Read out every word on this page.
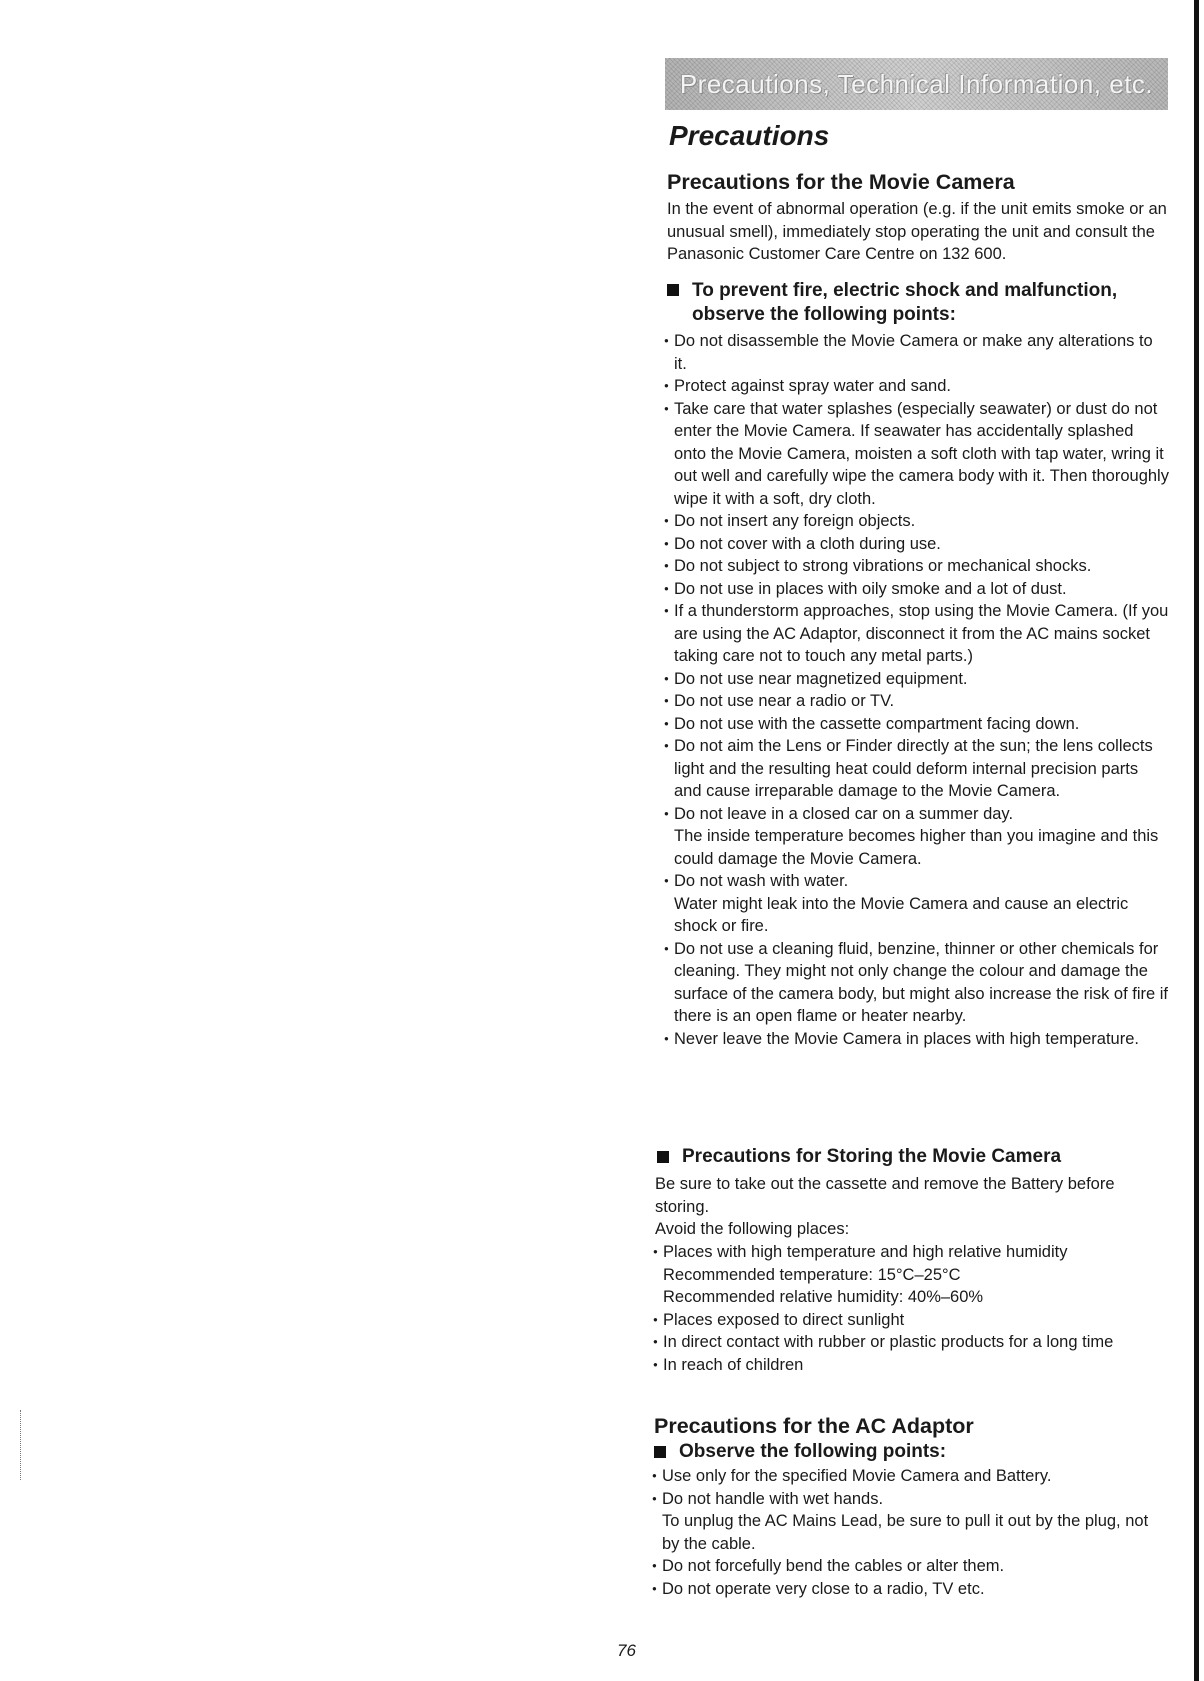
Precautions, Technical Information, etc.
Precautions
Precautions for the Movie Camera

In the event of abnormal operation (e.g. if the unit emits smoke or an unusual smell), immediately stop operating the unit and consult the Panasonic Customer Care Centre on 132 600.

To prevent fire, electric shock and malfunction, observe the following points:
● Do not disassemble the Movie Camera or make any alterations to it.
● Protect against spray water and sand.
● Take care that water splashes (especially seawater) or dust do not enter the Movie Camera. If seawater has accidentally splashed onto the Movie Camera, moisten a soft cloth with tap water, wring it out well and carefully wipe the camera body with it. Then thoroughly wipe it with a soft, dry cloth.
● Do not insert any foreign objects.
● Do not cover with a cloth during use.
● Do not subject to strong vibrations or mechanical shocks.
● Do not use in places with oily smoke and a lot of dust.
● If a thunderstorm approaches, stop using the Movie Camera. (If you are using the AC Adaptor, disconnect it from the AC mains socket taking care not to touch any metal parts.)
● Do not use near magnetized equipment.
● Do not use near a radio or TV.
● Do not use with the cassette compartment facing down.
● Do not aim the Lens or Finder directly at the sun; the lens collects light and the resulting heat could deform internal precision parts and cause irreparable damage to the Movie Camera.
● Do not leave in a closed car on a summer day.
The inside temperature becomes higher than you imagine and this could damage the Movie Camera.
● Do not wash with water.
Water might leak into the Movie Camera and cause an electric shock or fire.
● Do not use a cleaning fluid, benzine, thinner or other chemicals for cleaning. They might not only change the colour and damage the surface of the camera body, but might also increase the risk of fire if there is an open flame or heater nearby.
● Never leave the Movie Camera in places with high temperature.
Precautions for Storing the Movie Camera

Be sure to take out the cassette and remove the Battery before storing.

Avoid the following places:

● Places with high temperature and high relative humidity
Recommended temperature: 15°C–25°C
Recommended relative humidity: 40%–60%
● Places exposed to direct sunlight
● In direct contact with rubber or plastic products for a long time
● In reach of children
Precautions for the AC Adaptor
Observe the following points:
● Use only for the specified Movie Camera and Battery.
● Do not handle with wet hands.
To unplug the AC Mains Lead, be sure to pull it out by the plug, not by the cable.
● Do not forcefully bend the cables or alter them.
● Do not operate very close to a radio, TV etc.
76
